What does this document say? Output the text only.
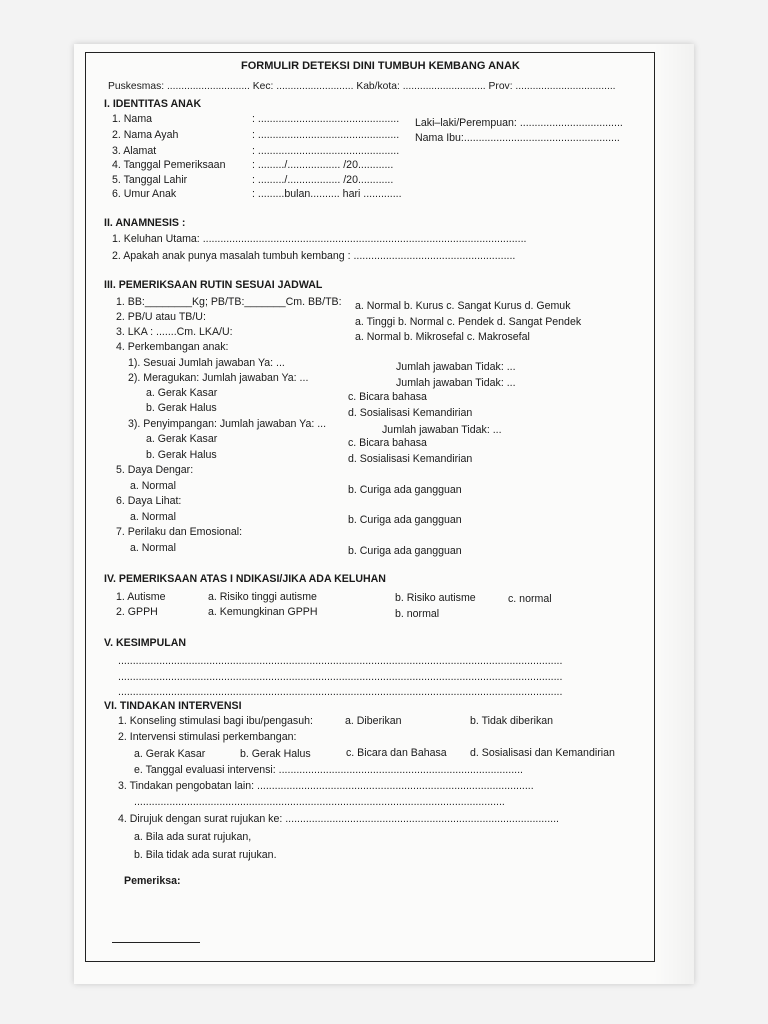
FORMULIR DETEKSI DINI TUMBUH KEMBANG ANAK
Puskesmas: ............................. Kec: ........................... Kab/kota: ............................. Prov: ...................................
I. IDENTITAS ANAK
1. Nama	: ................................................
2. Nama Ayah	: ................................................
3. Alamat	: ................................................
4. Tanggal Pemeriksaan	: ........./.................. /20............
5. Tanggal Lahir	: ........./.................. /20............
6. Umur Anak	: .........bulan.......... hari .............
Laki–laki/Perempuan: ...................................
Nama Ibu:.....................................................
II. ANAMNESIS :
1. Keluhan Utama: ..............................................................................................................
2. Apakah anak punya masalah tumbuh kembang : .......................................................
III. PEMERIKSAAN RUTIN SESUAI JADWAL
1. BB:________Kg; PB/TB:_______Cm. BB/TB: a. Normal b. Kurus c. Sangat Kurus d. Gemuk
2. PB/U atau TB/U:	a. Tinggi b. Normal c. Pendek d. Sangat Pendek
3. LKA : .......Cm. LKA/U:	a. Normal b. Mikrosefal c. Makrosefal
4. Perkembangan anak:
1). Sesuai Jumlah jawaban Ya: ...	Jumlah jawaban Tidak: ...
2). Meragukan: Jumlah jawaban Ya: ...	Jumlah jawaban Tidak: ...
a. Gerak Kasar	c. Bicara bahasa
b. Gerak Halus	d. Sosialisasi Kemandirian
3). Penyimpangan: Jumlah jawaban Ya: ...	Jumlah jawaban Tidak: ...
a. Gerak Kasar	c. Bicara bahasa
b. Gerak Halus	d. Sosialisasi Kemandirian
5. Daya Dengar:
a. Normal	b. Curiga ada gangguan
6. Daya Lihat:
a. Normal	b. Curiga ada gangguan
7. Perilaku dan Emosional:
a. Normal	b. Curiga ada gangguan
IV. PEMERIKSAAN ATAS I NDIKASI/JIKA ADA KELUHAN
1. Autisme	a. Risiko tinggi autisme	b. Risiko autisme	c. normal
2. GPPH	a. Kemungkinan GPPH	b. normal
V. KESIMPULAN
.......................................................................................................................................................
.......................................................................................................................................................
.......................................................................................................................................................
VI. TINDAKAN INTERVENSI
1. Konseling stimulasi bagi ibu/pengasuh:	a. Diberikan	b. Tidak diberikan
2. Intervensi stimulasi perkembangan:
a. Gerak Kasar	b. Gerak Halus	c. Bicara dan Bahasa d. Sosialisasi dan Kemandirian
e. Tanggal evaluasi intervensi: ...................................................................................
3. Tindakan pengobatan lain: ..............................................................................................
..............................................................................................................................
4. Dirujuk dengan surat rujukan ke: .............................................................................................
a. Bila ada surat rujukan,
b. Bila tidak ada surat rujukan.
Pemeriksa:
